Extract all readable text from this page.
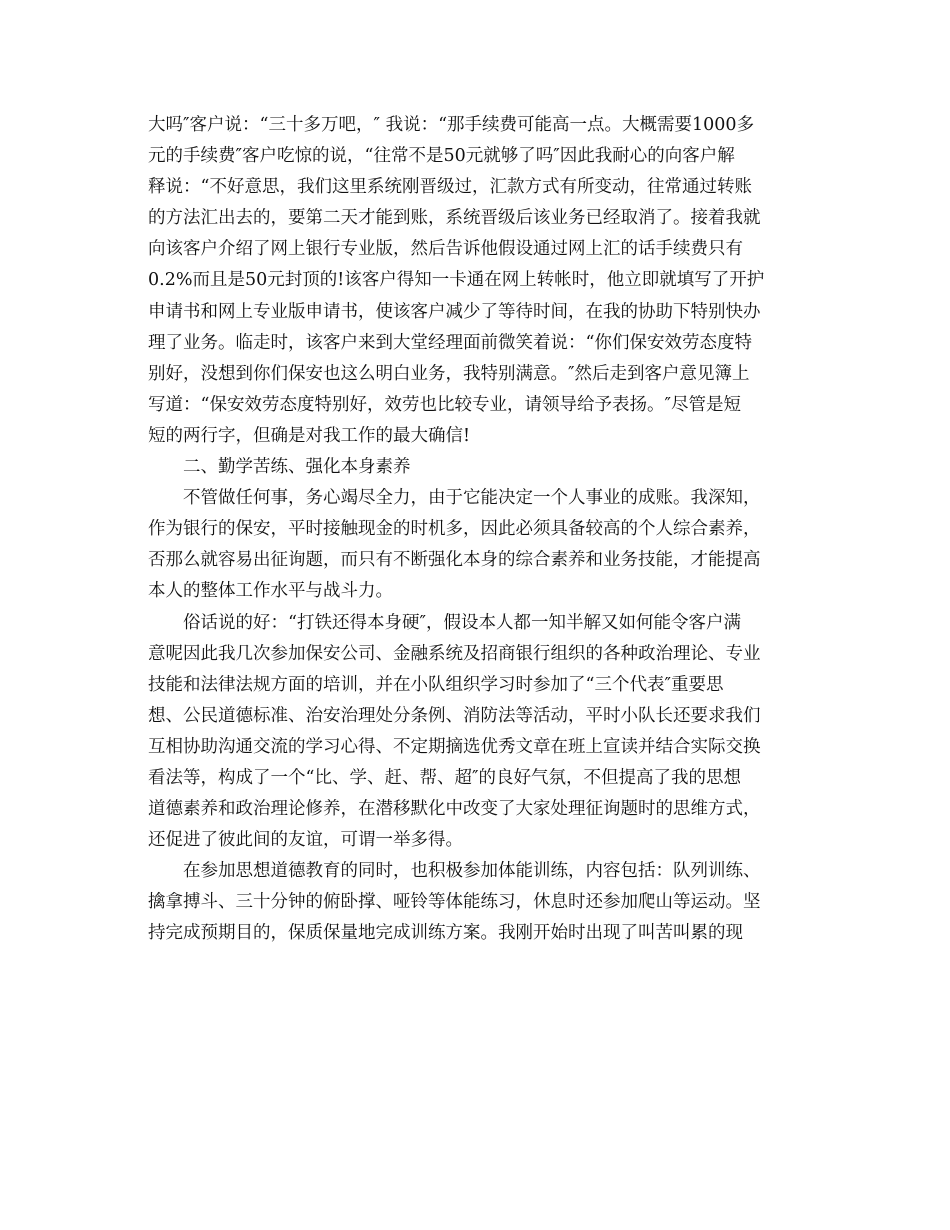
大吗″客户说：“三十多万吧，″ 我说：“那手续费可能高一点。大概需要1000多

元的手续费″客户吃惊的说，“往常不是50元就够了吗″因此我耐心的向客户解

释说：“不好意思，我们这里系统刚晋级过，汇款方式有所变动，往常通过转账

的方法汇出去的，要第二天才能到账，系统晋级后该业务已经取消了。接着我就

向该客户介绍了网上银行专业版，然后告诉他假设通过网上汇的话手续费只有

0.2%而且是50元封顶的!该客户得知一卡通在网上转帐时，他立即就填写了开护

申请书和网上专业版申请书，使该客户减少了等待时间，在我的协助下特别快办

理了业务。临走时，该客户来到大堂经理面前微笑着说：“你们保安效劳态度特

别好，没想到你们保安也这么明白业务，我特别满意。″然后走到客户意见簿上

写道：“保安效劳态度特别好，效劳也比较专业，请领导给予表扬。″尽管是短

短的两行字，但确是对我工作的最大确信!

二、勤学苦练、强化本身素养

不管做任何事，务心竭尽全力，由于它能决定一个人事业的成账。我深知，

作为银行的保安，平时接触现金的时机多，因此必须具备较高的个人综合素养，

否那么就容易出征询题，而只有不断强化本身的综合素养和业务技能，才能提高

本人的整体工作水平与战斗力。

俗话说的好：“打铁还得本身硬″，假设本人都一知半解又如何能令客户满

意呢因此我几次参加保安公司、金融系统及招商银行组织的各种政治理论、专业

技能和法律法规方面的培训，并在小队组织学习时参加了“三个代表″重要思

想、公民道德标准、治安治理处分条例、消防法等活动，平时小队长还要求我们

互相协助沟通交流的学习心得、不定期摘选优秀文章在班上宣读并结合实际交换

看法等，构成了一个“比、学、赶、帮、超″的良好气氛，不但提高了我的思想

道德素养和政治理论修养，在潜移默化中改变了大家处理征询题时的思维方式，

还促进了彼此间的友谊，可谓一举多得。

在参加思想道德教育的同时，也积极参加体能训练，内容包括：队列训练、

擒拿搏斗、三十分钟的俯卧撑、哑铃等体能练习，休息时还参加爬山等运动。坚

持完成预期目的，保质保量地完成训练方案。我刚开始时出现了叫苦叫累的现
